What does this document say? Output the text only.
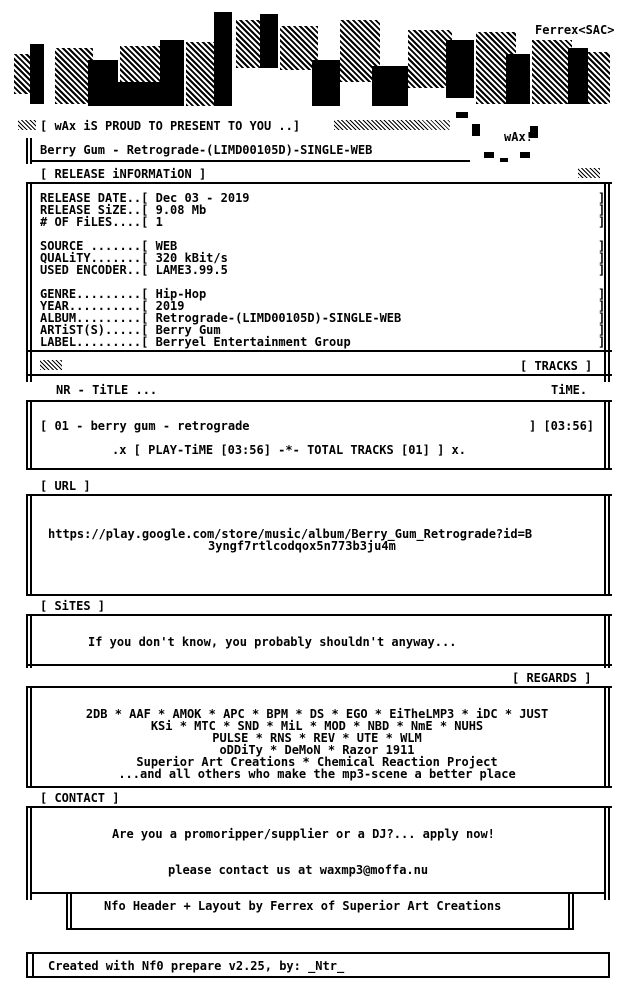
Ferrex<SAC>
wAx!
[ wAx iS PROUD TO PRESENT TO YOU ..]
Berry Gum - Retrograde-(LIMD00105D)-SINGLE-WEB
[ RELEASE iNFORMATiON ]
RELEASE DATE..[ Dec 03 - 2019
RELEASE SiZE..[ 9.08 Mb
# OF FiLES....[ 1
SOURCE .......[ WEB
QUALiTY.......[ 320 kBit/s
USED ENCODER..[ LAME3.99.5
GENRE.........[ Hip-Hop
YEAR..........[ 2019
ALBUM.........[ Retrograde-(LIMD00105D)-SINGLE-WEB
ARTiST(S).....[ Berry Gum
LABEL.........[ Berryel Entertainment Group
]
]
]
]
]
]
]
]
]
]
]
[ TRACKS ]
NR - TiTLE ...	TiME.
[ 01 - berry gum - retrograde	] [03:56]
.x [ PLAY-TiME [03:56] -*- TOTAL TRACKS [01] ] x.
[ URL ]
https://play.google.com/store/music/album/Berry_Gum_Retrograde?id=B
3yngf7rtlcodqox5n773b3ju4m
[ SiTES ]
If you don't know, you probably shouldn't anyway...
[ REGARDS ]
2DB * AAF * AMOK * APC * BPM * DS * EGO * EiTheLMP3 * iDC * JUST
KSi * MTC * SND * MiL * MOD * NBD * NmE * NUHS
PULSE * RNS * REV * UTE * WLM
oDDiTy * DeMoN * Razor 1911
Superior Art Creations * Chemical Reaction Project
...and all others who make the mp3-scene a better place
[ CONTACT ]
Are you a promoripper/supplier or a DJ?... apply now!
please contact us at waxmp3@moffa.nu
Nfo Header + Layout by Ferrex of Superior Art Creations
Created with Nf0 prepare v2.25, by: _Ntr_
